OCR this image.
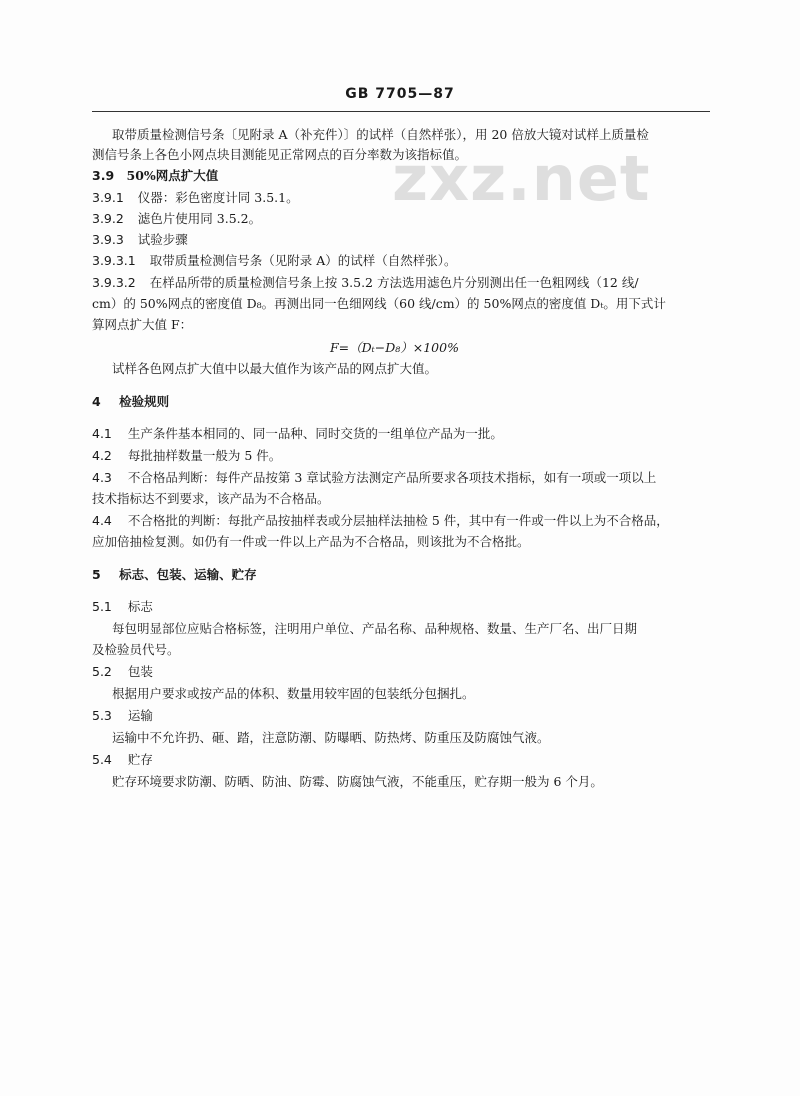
GB 7705—87
zxz.net
取带质量检测信号条〔见附录 A（补充件）〕的试样（自然样张），用 20 倍放大镜对试样上质量检
测信号条上各色小网点块目测能见正常网点的百分率数为该指标值。
3.9 50%网点扩大值
3.9.1 仪器：彩色密度计同 3.5.1。
3.9.2 滤色片使用同 3.5.2。
3.9.3 试验步骤
3.9.3.1 取带质量检测信号条（见附录 A）的试样（自然样张）。
3.9.3.2 在样品所带的质量检测信号条上按 3.5.2 方法选用滤色片分别测出任一色粗网线（12 线/
cm）的 50%网点的密度值 D₈。再测出同一色细网线（60 线/cm）的 50%网点的密度值 Dₜ。用下式计
算网点扩大值 F：
F=（Dₜ−D₈）×100%
试样各色网点扩大值中以最大值作为该产品的网点扩大值。
4 检验规则
4.1 生产条件基本相同的、同一品种、同时交货的一组单位产品为一批。
4.2 每批抽样数量一般为 5 件。
4.3 不合格品判断：每件产品按第 3 章试验方法测定产品所要求各项技术指标，如有一项或一项以上
技术指标达不到要求，该产品为不合格品。
4.4 不合格批的判断：每批产品按抽样表或分层抽样法抽检 5 件，其中有一件或一件以上为不合格品，
应加倍抽检复测。如仍有一件或一件以上产品为不合格品，则该批为不合格批。
5 标志、包装、运输、贮存
5.1 标志
每包明显部位应贴合格标签，注明用户单位、产品名称、品种规格、数量、生产厂名、出厂日期
及检验员代号。
5.2 包装
根据用户要求或按产品的体积、数量用较牢固的包装纸分包捆扎。
5.3 运输
运输中不允许扔、砸、踏，注意防潮、防曝晒、防热烤、防重压及防腐蚀气液。
5.4 贮存
贮存环境要求防潮、防晒、防油、防霉、防腐蚀气液，不能重压，贮存期一般为 6 个月。
